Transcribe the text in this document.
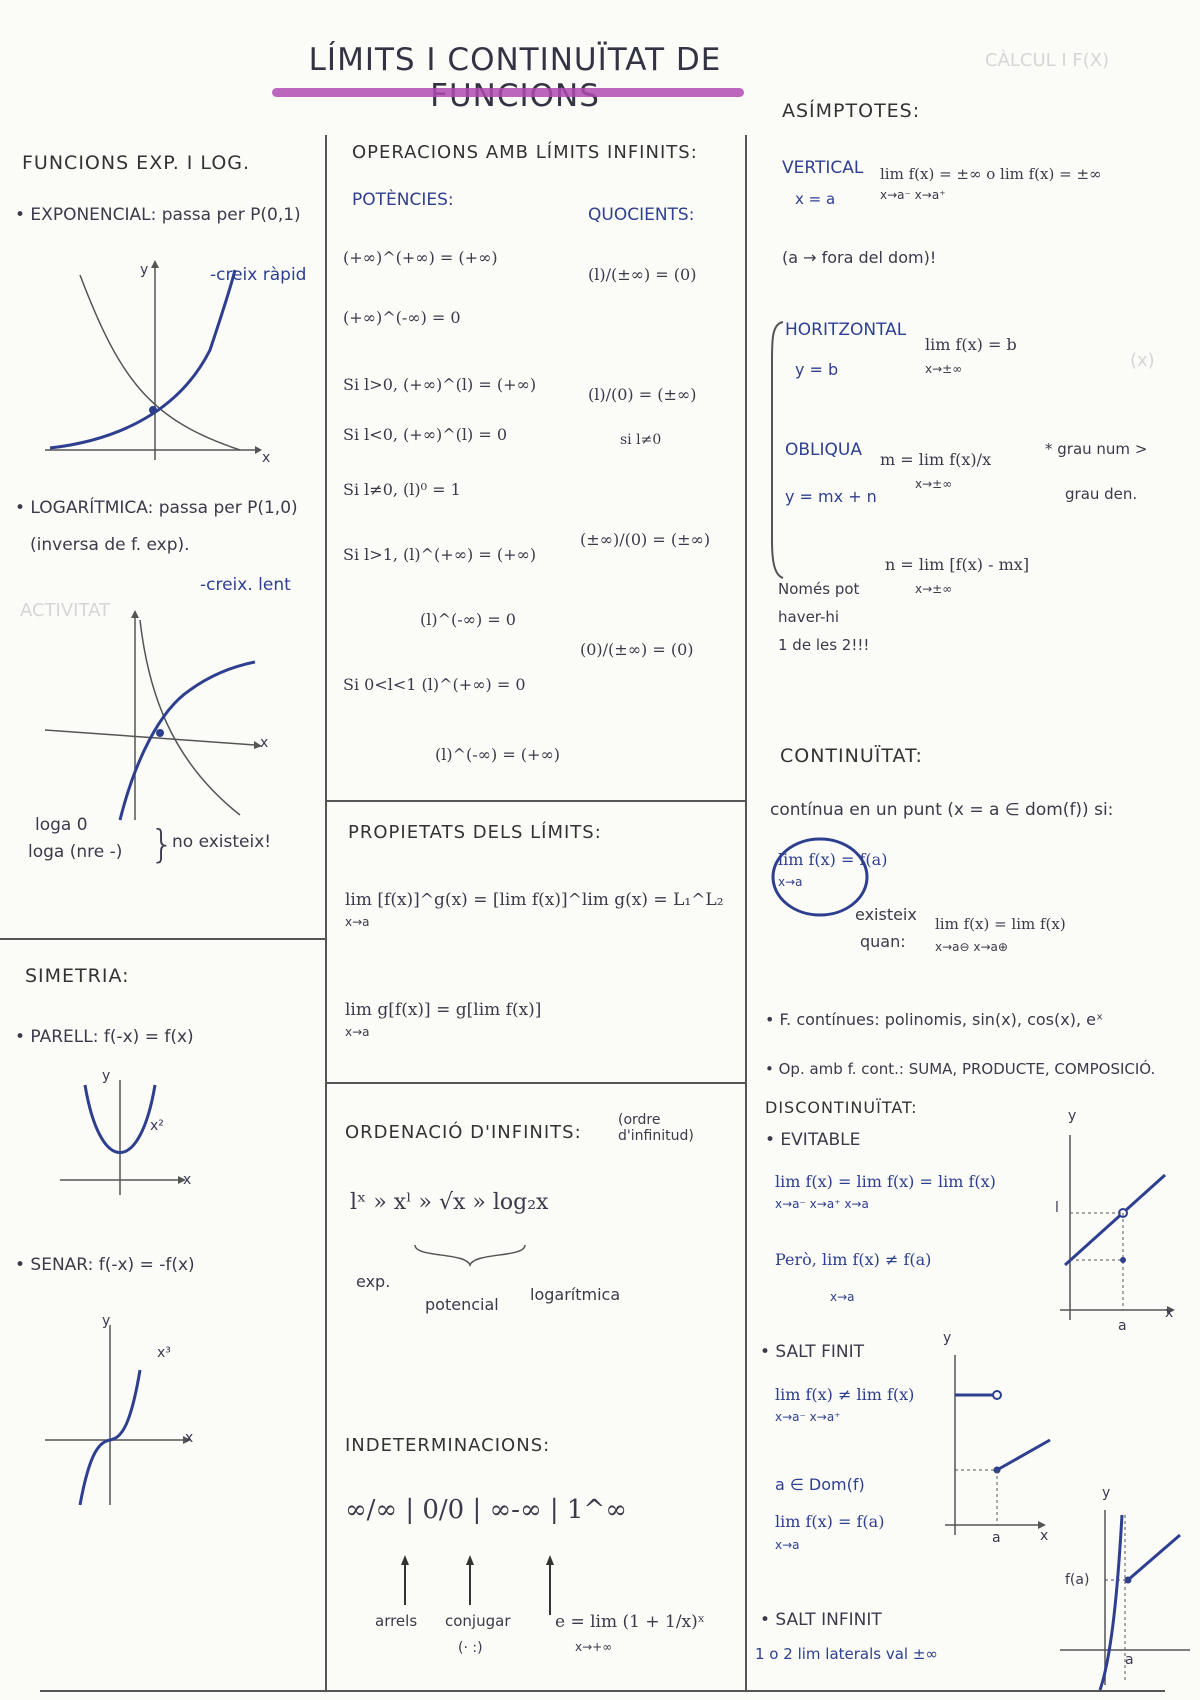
CÀLCUL I F(X)
(x)
ACTIVITAT
LÍMITS I CONTINUÏTAT DE
FUNCIONS EXP. I LOG.
• EXPONENCIAL: passa per P(0,1)
-creix ràpid
y
x
• LOGARÍTMICA: passa per P(1,0)
(inversa de f. exp).
-creix. lent
x
loga 0
loga (nre -) }
no existeix!
SIMETRIA:
• PARELL: f(-x) = f(x)
x²
y
x
• SENAR: f(-x) = -f(x)
x³
y
x
OPERACIONS AMB LÍMITS INFINITS:
POTÈNCIES:
QUOCIENTS:
(+∞)^(+∞) = (+∞)
(+∞)^(-∞) = 0
Si l>0, (+∞)^(l) = (+∞)
Si l<0, (+∞)^(l) = 0
Si l≠0, (l)⁰ = 1
Si l>1, (l)^(+∞) = (+∞)
(l)^(-∞) = 0
Si 0<l<1 (l)^(+∞) = 0
(l)^(-∞) = (+∞)
(l)/(±∞) = (0)
(l)/(0) = (±∞)
si l≠0
(±∞)/(0) = (±∞)
(0)/(±∞) = (0)
PROPIETATS DELS LÍMITS:
lim [f(x)]^g(x) = [lim f(x)]^lim g(x) = L₁^L₂
x→a
lim g[f(x)] = g[lim f(x)]
x→a
ORDENACIÓ D'INFINITS:
(ordre d'infinitud)
lˣ » xˡ » √x » log₂x
exp.
potencial
logarítmica
INDETERMINACIONS:
∞/∞ | 0/0 | ∞-∞ | 1^∞
arrels conjugar
(· :)
e = lim (1 + 1/x)ˣ
x→+∞
ASÍMPTOTES:
VERTICAL
x = a
lim f(x) = ±∞ o lim f(x) = ±∞
x→a⁻ x→a⁺
(a → fora del dom)!
HORITZONTAL
y = b
lim f(x) = b
x→±∞
OBLIQUA
y = mx + n
m = lim f(x)/x
x→±∞
* grau num >
grau den.
n = lim [f(x) - mx]
x→±∞
Només pot
haver-hi
1 de les 2!!!
CONTINUÏTAT:
contínua en un punt (x = a ∈ dom(f)) si:
lim f(x) = f(a)
x→a
existeix
quan:
lim f(x) = lim f(x)
x→a⊖ x→a⊕
• F. contínues: polinomis, sin(x), cos(x), eˣ
• Op. amb f. cont.: SUMA, PRODUCTE, COMPOSICIÓ.
DISCONTINUÏTAT:
• EVITABLE
lim f(x) = lim f(x) = lim f(x)
x→a⁻ x→a⁺ x→a
Però, lim f(x) ≠ f(a)
x→a
y
l
a
x
• SALT FINIT
lim f(x) ≠ lim f(x)
x→a⁻ x→a⁺
a ∈ Dom(f)
lim f(x) = f(a)
x→a
y
a	x
• SALT INFINIT
1 o 2 lim laterals val ±∞
y
f(a)
a
